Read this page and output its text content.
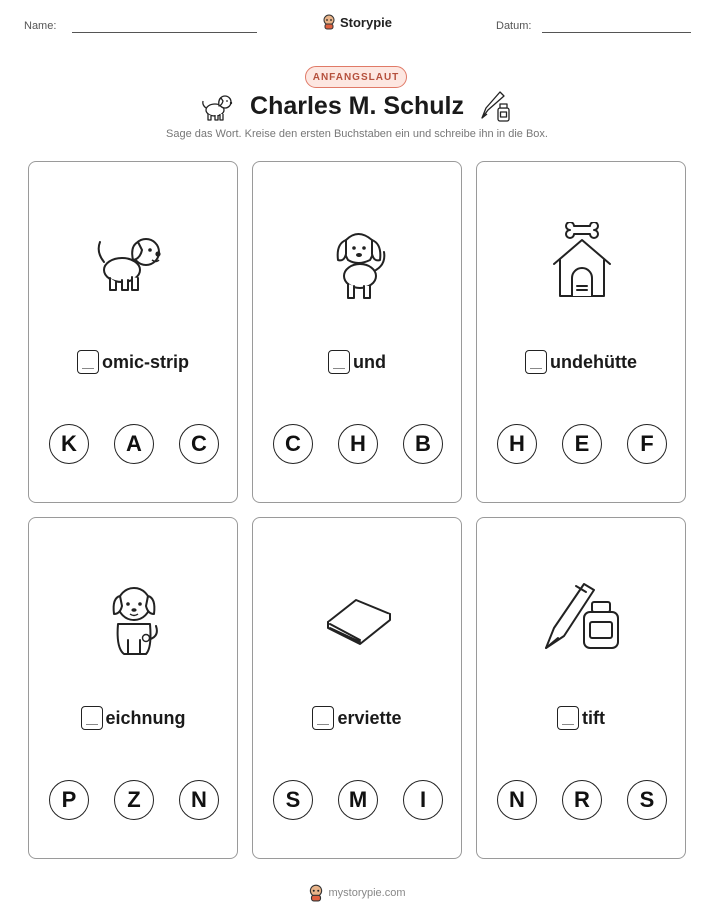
Name:	Storypie	Datum:
ANFANGSLAUT
Charles M. Schulz
Sage das Wort. Kreise den ersten Buchstaben ein und schreibe ihn in die Box.
omic-strip
K	A	C
und
C	H	B
undehütte
H	E	F
eichnung
P	Z	N
erviette
S	M	I
tift
N	R	S
mystorypie.com
